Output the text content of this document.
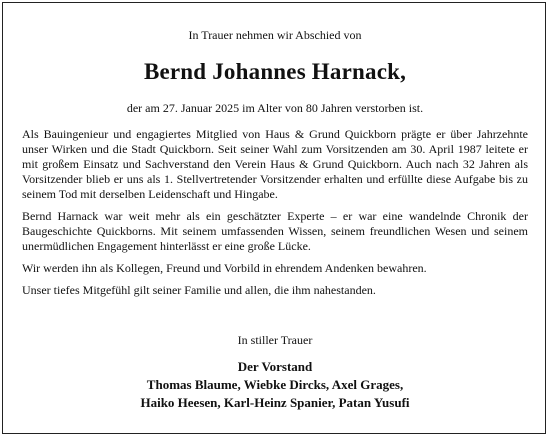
In Trauer nehmen wir Abschied von
Bernd Johannes Harnack,
der am 27. Januar 2025 im Alter von 80 Jahren verstorben ist.

Als Bauingenieur und engagiertes Mitglied von Haus & Grund Quickborn prägte er über Jahrzehnte unser Wirken und die Stadt Quickborn. Seit seiner Wahl zum Vorsitzenden am 30. April 1987 leitete er mit großem Einsatz und Sachverstand den Verein Haus & Grund Quickborn. Auch nach 32 Jahren als Vorsitzender blieb er uns als 1. Stellvertretender Vorsitzender erhalten und erfüllte diese Aufgabe bis zu seinem Tod mit derselben Leidenschaft und Hingabe.

Bernd Harnack war weit mehr als ein geschätzter Experte – er war eine wandelnde Chronik der Baugeschichte Quickborns. Mit seinem umfassenden Wissen, seinem freundlichen Wesen und seinem unermüdlichen Engagement hinterlässt er eine große Lücke.

Wir werden ihn als Kollegen, Freund und Vorbild in ehrendem Andenken bewahren.

Unser tiefes Mitgefühl gilt seiner Familie und allen, die ihm nahestanden.

In stiller Trauer
Der Vorstand
Thomas Blaume, Wiebke Dircks, Axel Grages,
Haiko Heesen, Karl-Heinz Spanier, Patan Yusufi
